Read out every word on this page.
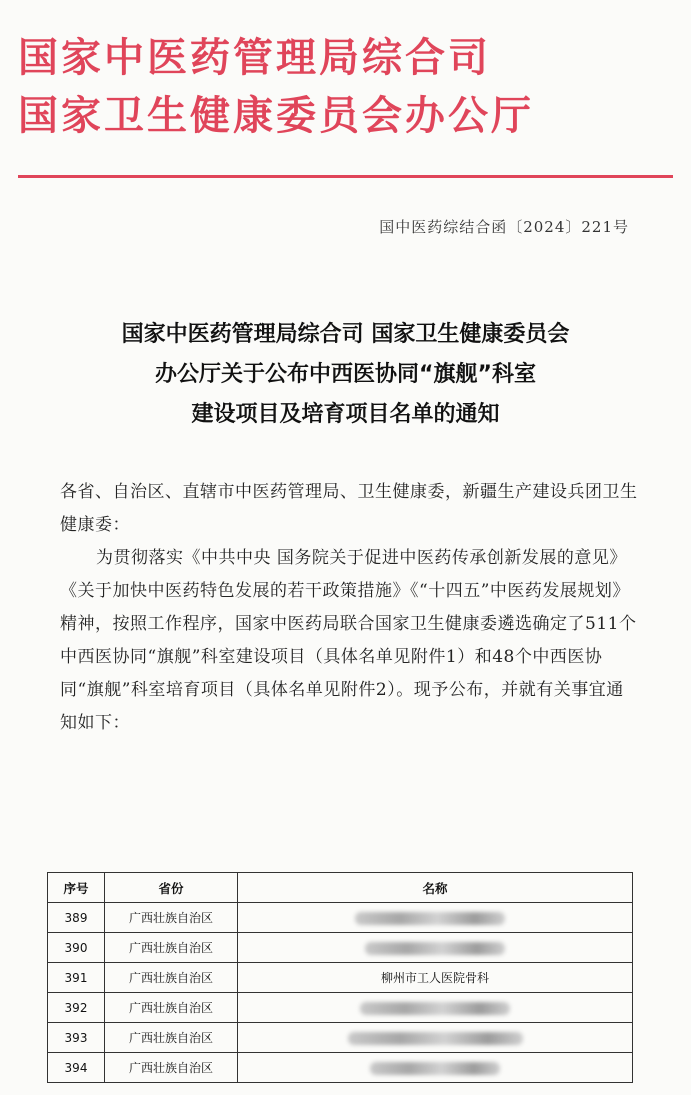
国家中医药管理局综合司
国家卫生健康委员会办公厅
国中医药综结合函〔2024〕221号
国家中医药管理局综合司 国家卫生健康委员会
办公厅关于公布中西医协同“旗舰”科室
建设项目及培育项目名单的通知

各省、自治区、直辖市中医药管理局、卫生健康委，新疆生产建设兵团卫生健康委：

为贯彻落实《中共中央 国务院关于促进中医药传承创新发展的意见》《关于加快中医药特色发展的若干政策措施》《“十四五”中医药发展规划》精神，按照工作程序，国家中医药局联合国家卫生健康委遴选确定了511个中西医协同“旗舰”科室建设项目（具体名单见附件1）和48个中西医协同“旗舰”科室培育项目（具体名单见附件2）。现予公布，并就有关事宜通知如下：

序号	省份	名称
389	广西壮族自治区	
390	广西壮族自治区	
391	广西壮族自治区	柳州市工人医院骨科
392	广西壮族自治区	
393	广西壮族自治区	
394	广西壮族自治区	
